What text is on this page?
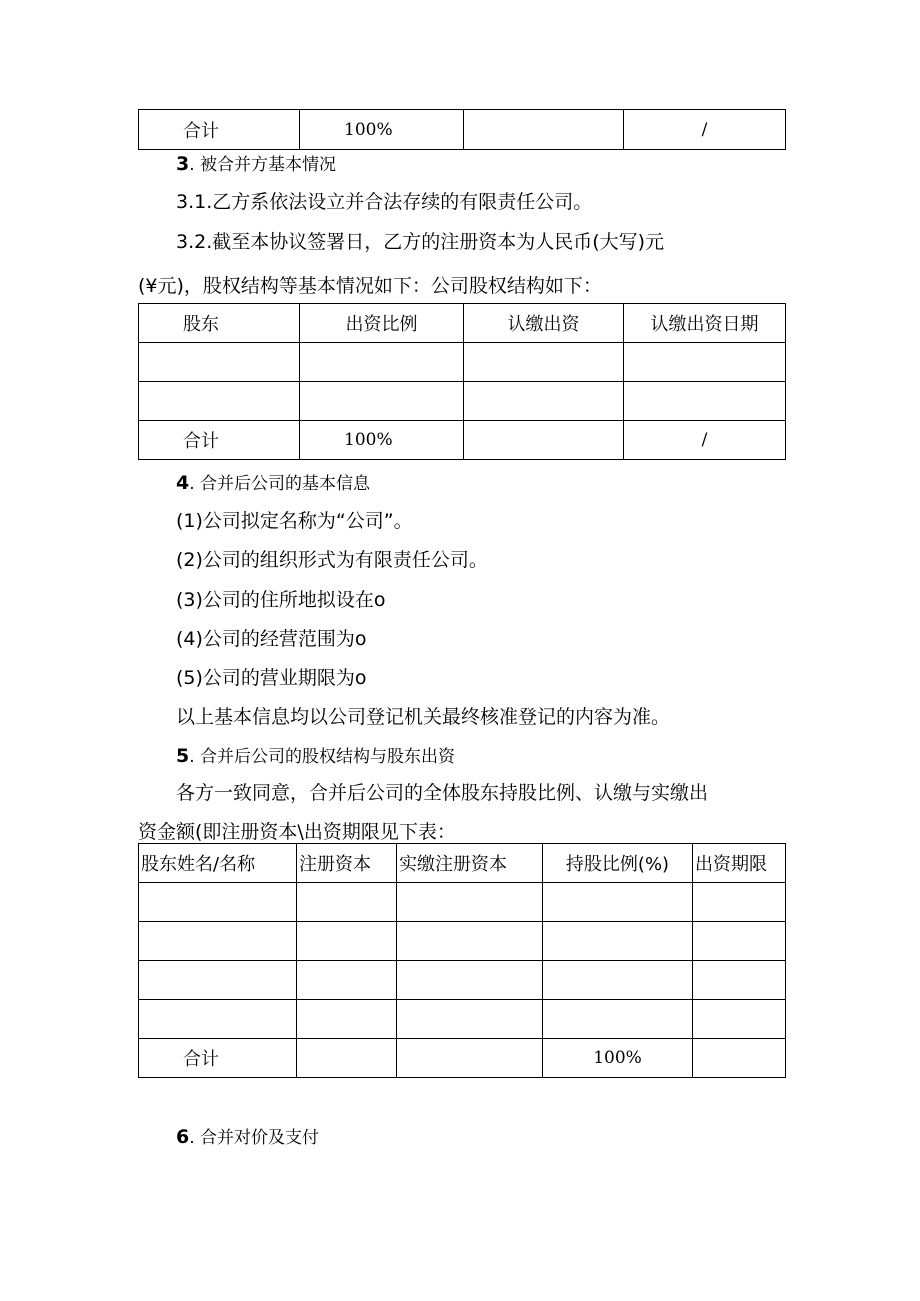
合计	100%		/
3. 被合并方基本情况
3.1.乙方系依法设立并合法存续的有限责任公司。
3.2.截至本协议签署日，乙方的注册资本为人民币(大写)元
(¥元)，股权结构等基本情况如下：公司股权结构如下：
股东	出资比例	认缴出资	认缴出资日期

合计	100%		/
4. 合并后公司的基本信息
(1)公司拟定名称为“公司”。
(2)公司的组织形式为有限责任公司。
(3)公司的住所地拟设在o
(4)公司的经营范围为o
(5)公司的营业期限为o
以上基本信息均以公司登记机关最终核准登记的内容为准。
5. 合并后公司的股权结构与股东出资
各方一致同意，合并后公司的全体股东持股比例、认缴与实缴出
资金额(即注册资本\出资期限见下表：
股东姓名/名称	注册资本	实缴注册资本	持股比例(%)	出资期限

合计			100%	
6. 合并对价及支付
